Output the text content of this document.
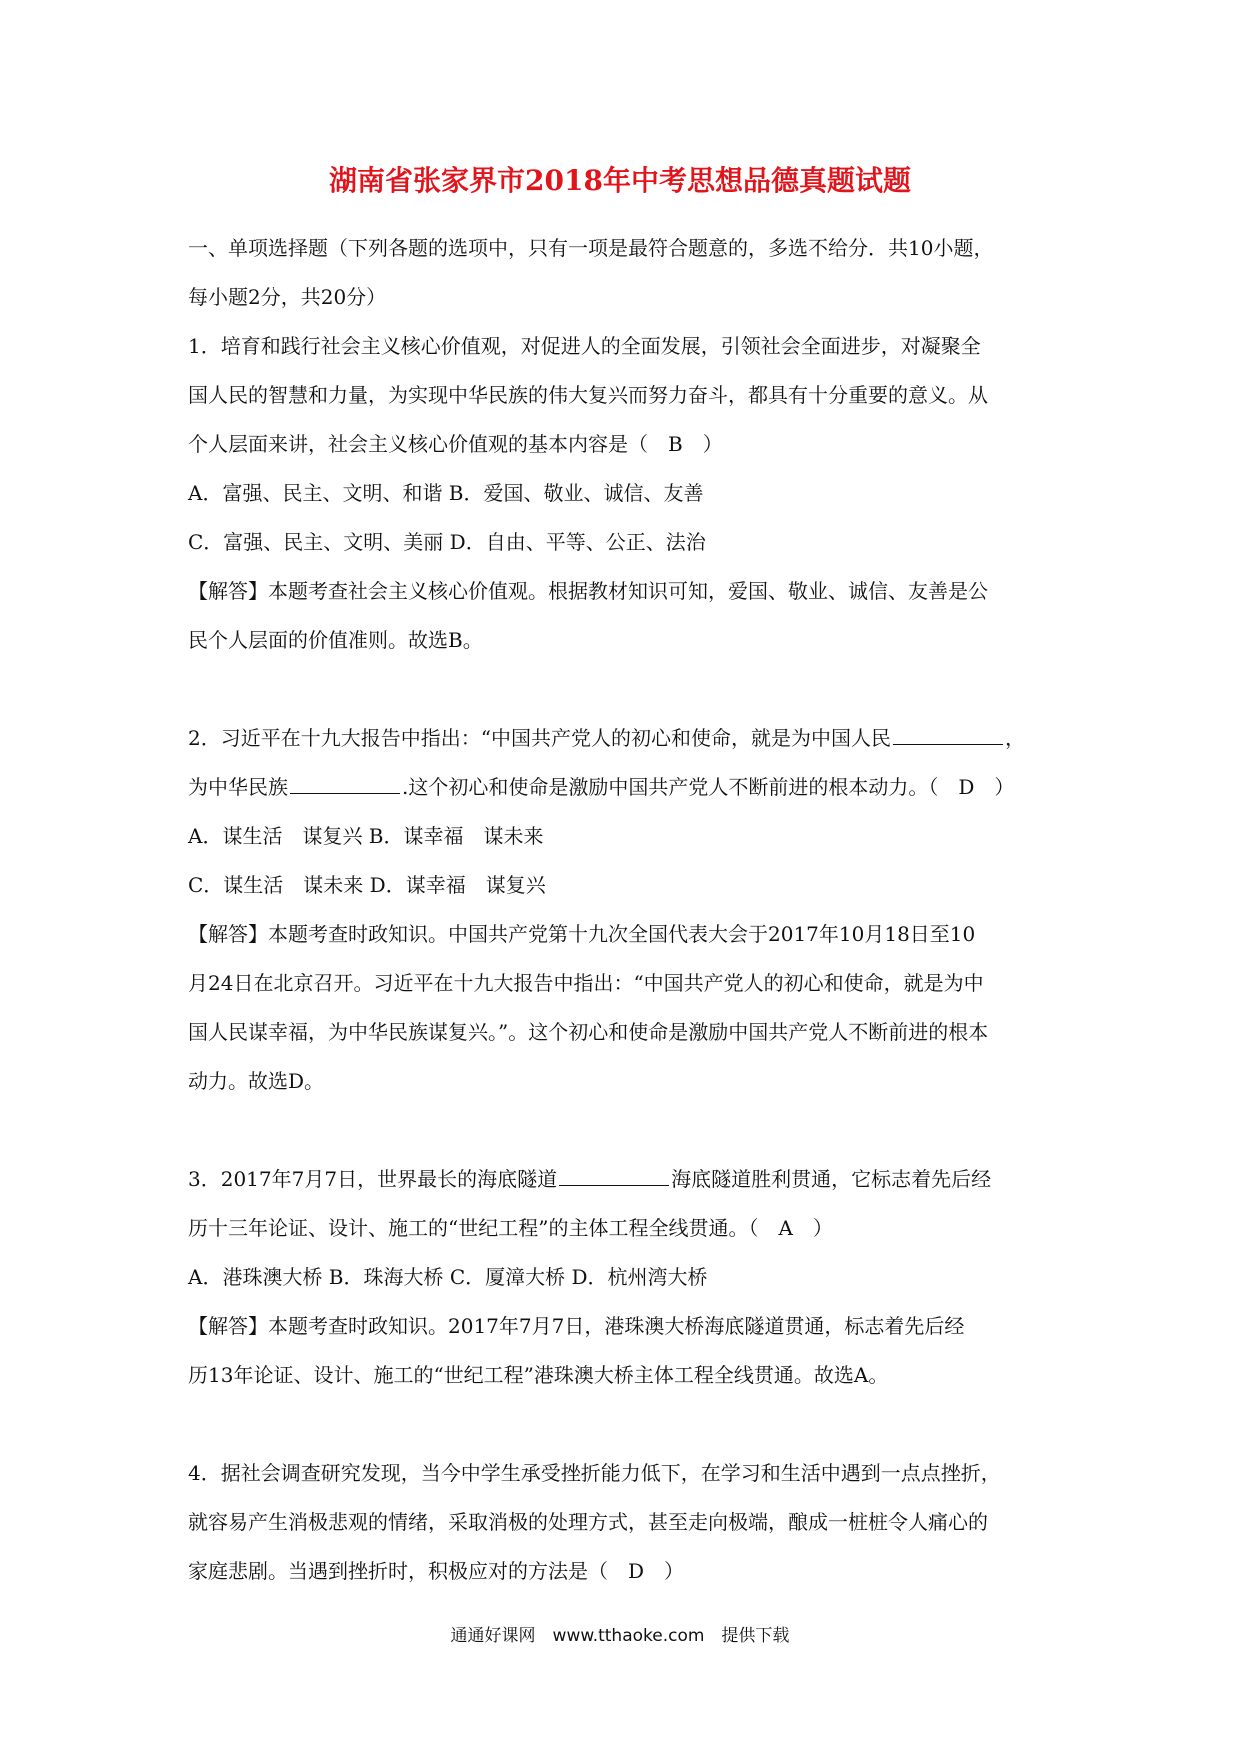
湖南省张家界市2018年中考思想品德真题试题
一、单项选择题（下列各题的选项中，只有一项是最符合题意的，多选不给分．共10小题，
每小题2分，共20分）
1．培育和践行社会主义核心价值观，对促进人的全面发展，引领社会全面进步，对凝聚全
国人民的智慧和力量，为实现中华民族的伟大复兴而努力奋斗，都具有十分重要的意义。从
个人层面来讲，社会主义核心价值观的基本内容是（　B　）
A．富强、民主、文明、和谐 B．爱国、敬业、诚信、友善
C．富强、民主、文明、美丽 D．自由、平等、公正、法治
【解答】本题考查社会主义核心价值观。根据教材知识可知，爱国、敬业、诚信、友善是公
民个人层面的价值准则。故选B。
2．习近平在十九大报告中指出：“中国共产党人的初心和使命，就是为中国人民	，
为中华民族	.这个初心和使命是激励中国共产党人不断前进的根本动力。（　D　）
A．谋生活　谋复兴 B．谋幸福　谋未来
C．谋生活　谋未来 D．谋幸福　谋复兴
【解答】本题考查时政知识。中国共产党第十九次全国代表大会于2017年10月18日至10
月24日在北京召开。习近平在十九大报告中指出：“中国共产党人的初心和使命，就是为中
国人民谋幸福，为中华民族谋复兴。”。这个初心和使命是激励中国共产党人不断前进的根本
动力。故选D。
3．2017年7月7日，世界最长的海底隧道	海底隧道胜利贯通，它标志着先后经
历十三年论证、设计、施工的“世纪工程”的主体工程全线贯通。（　A　）
A．港珠澳大桥 B．珠海大桥 C．厦漳大桥 D．杭州湾大桥
【解答】本题考查时政知识。2017年7月7日，港珠澳大桥海底隧道贯通，标志着先后经
历13年论证、设计、施工的“世纪工程”港珠澳大桥主体工程全线贯通。故选A。
4．据社会调查研究发现，当今中学生承受挫折能力低下，在学习和生活中遇到一点点挫折，
就容易产生消极悲观的情绪，采取消极的处理方式，甚至走向极端，酿成一桩桩令人痛心的
家庭悲剧。当遇到挫折时，积极应对的方法是（　D　）
通通好课网　www.tthaoke.com　提供下载
